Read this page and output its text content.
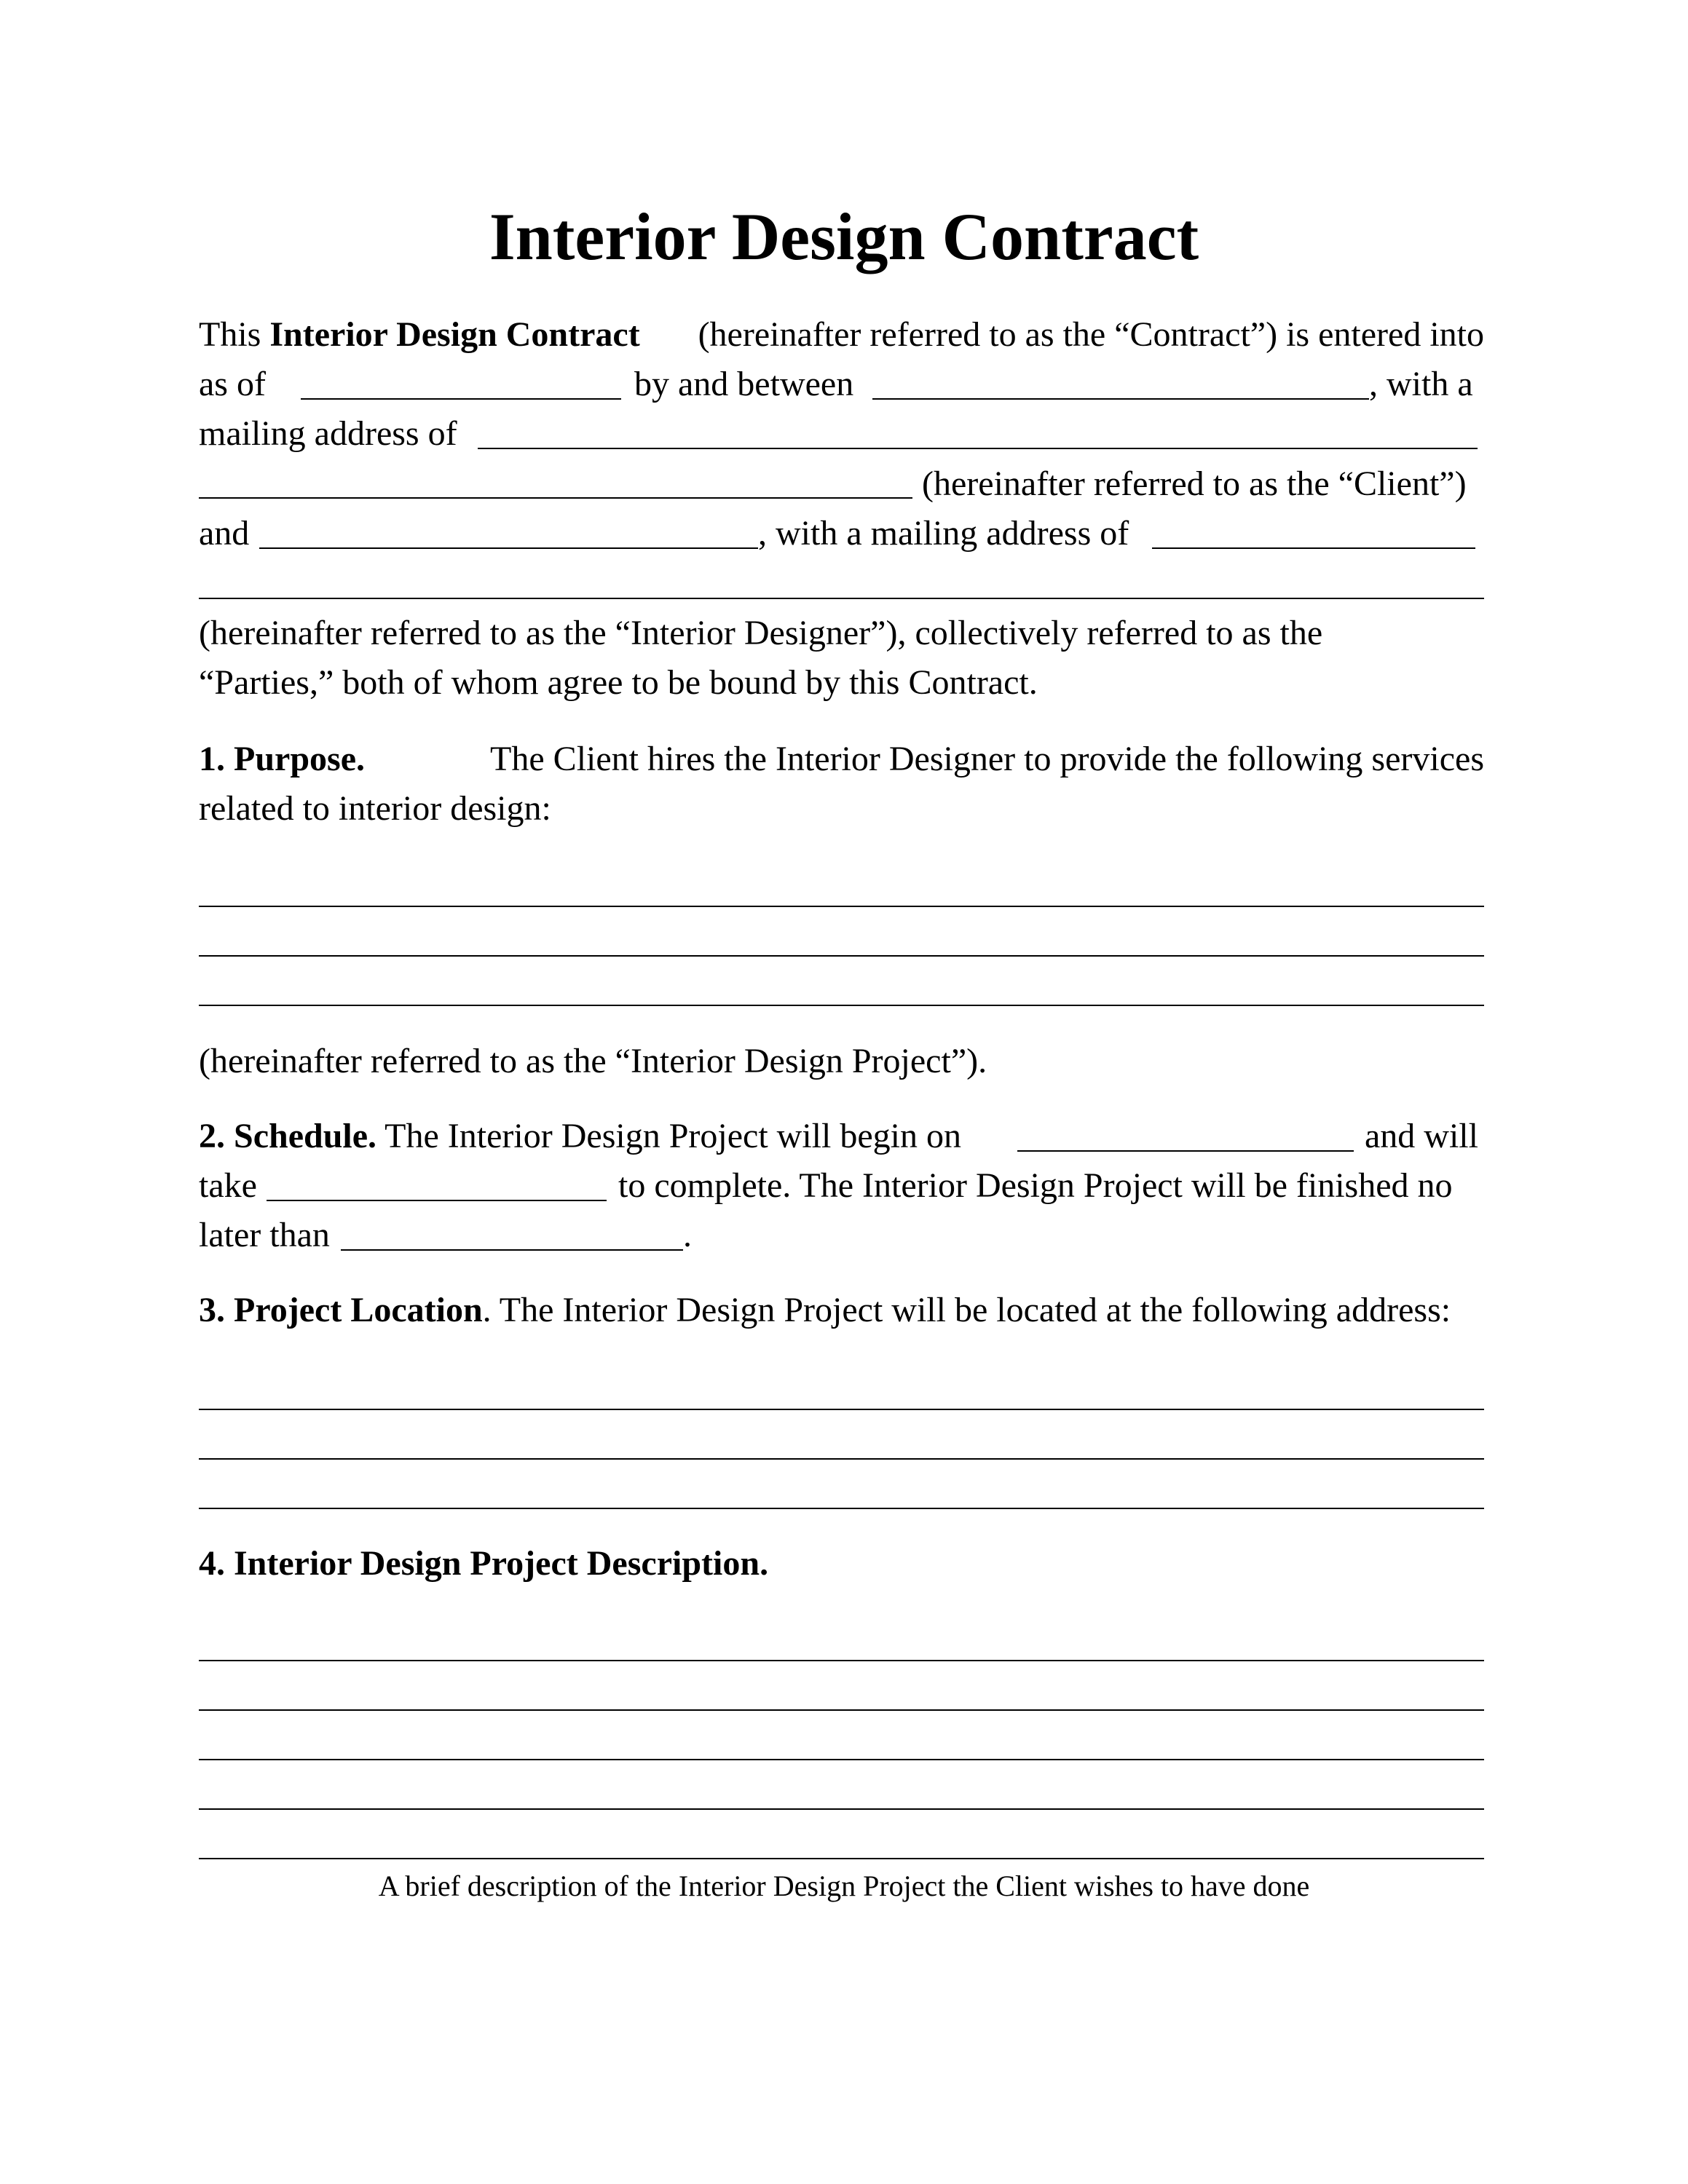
Interior Design Contract
This Interior Design Contract (hereinafter referred to as the “Contract”) is entered into
as of	by and between	, with a
mailing address of
(hereinafter referred to as the “Client”)
and	, with a mailing address of
(hereinafter referred to as the “Interior Designer”), collectively referred to as the
“Parties,” both of whom agree to be bound by this Contract.
1. Purpose.	The Client hires the Interior Designer to provide the following services
related to interior design:
(hereinafter referred to as the “Interior Design Project”).
2. Schedule. The Interior Design Project will begin on	and will
take	to complete. The Interior Design Project will be finished no
later than	.
3. Project Location. The Interior Design Project will be located at the following address:
4. Interior Design Project Description.
A brief description of the Interior Design Project the Client wishes to have done
